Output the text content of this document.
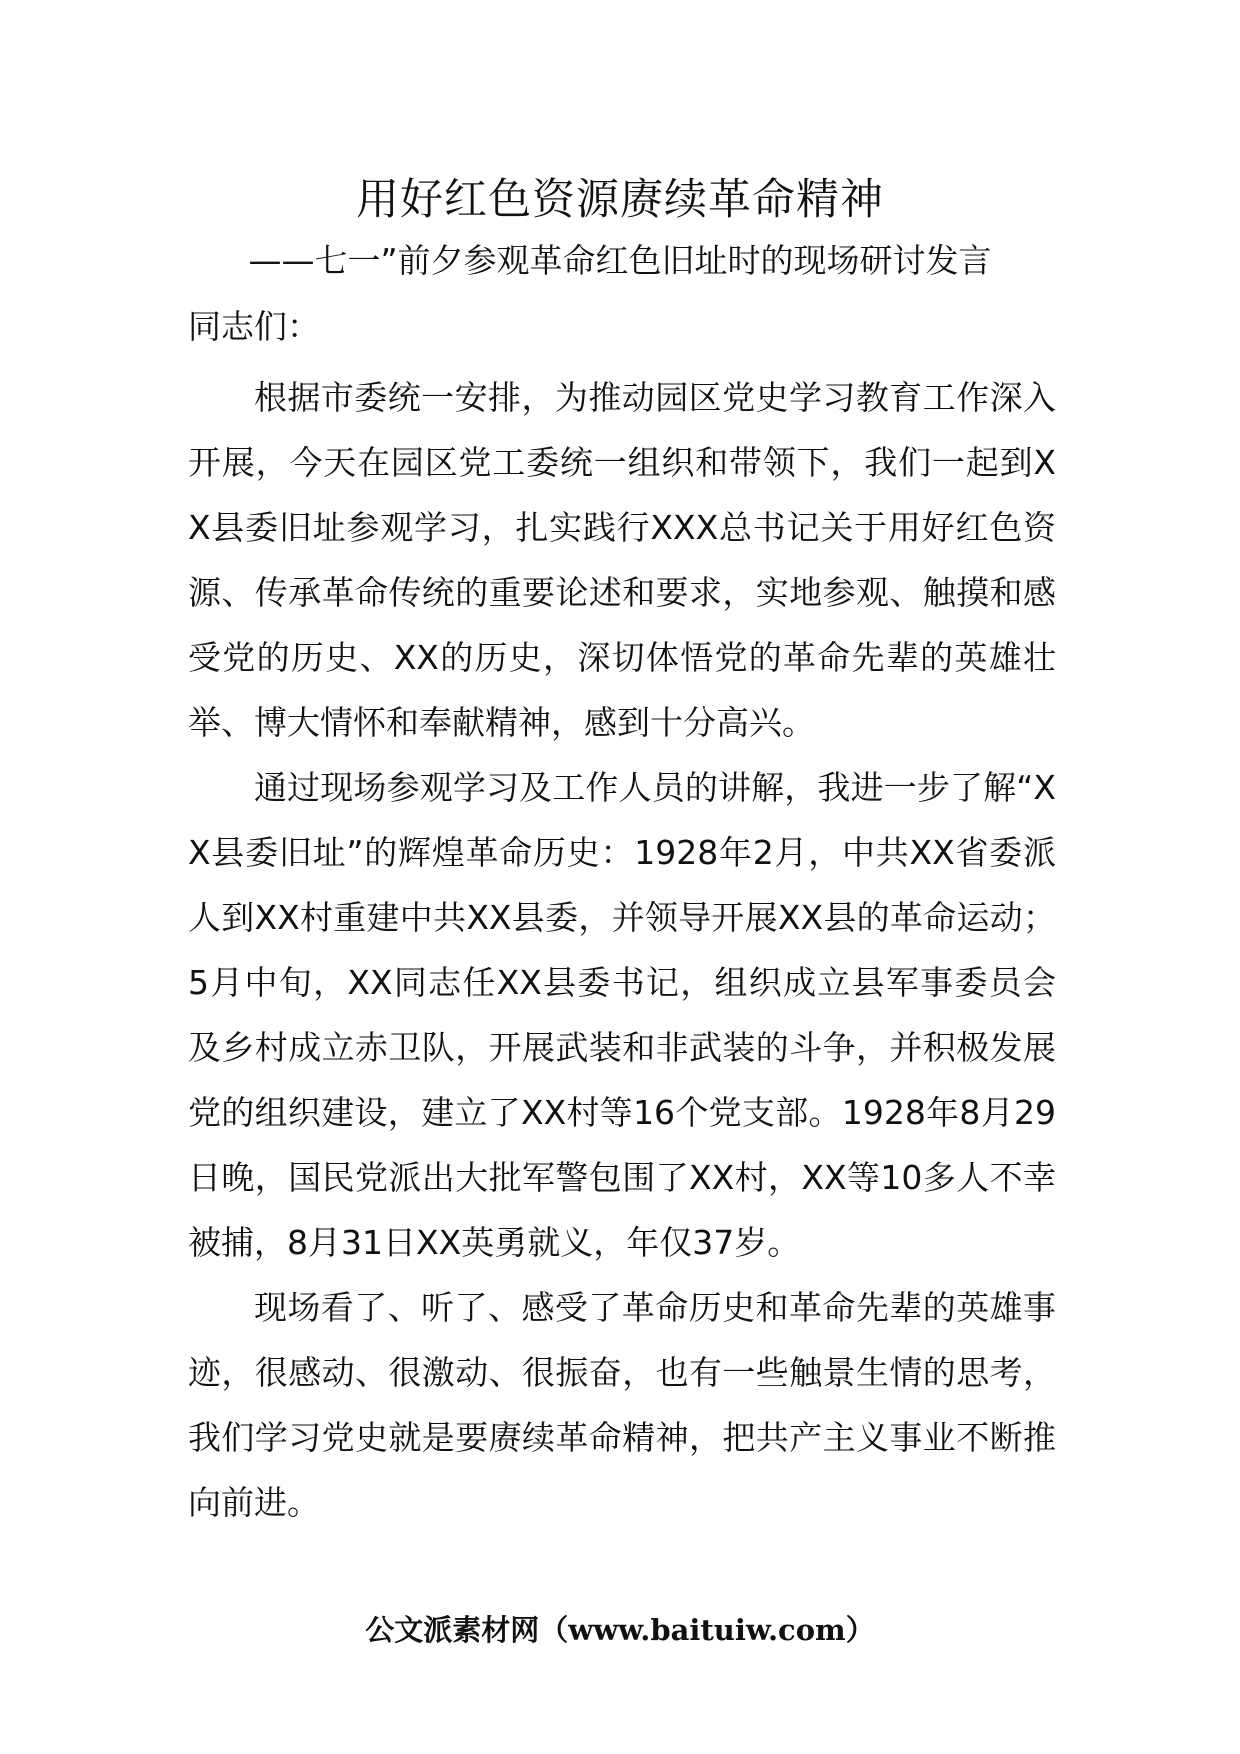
用好红色资源赓续革命精神

——七一”前夕参观革命红色旧址时的现场研讨发言

同志们：

根据市委统一安排，为推动园区党史学习教育工作深入开展，今天在园区党工委统一组织和带领下，我们一起到XX县委旧址参观学习，扎实践行XXX总书记关于用好红色资源、传承革命传统的重要论述和要求，实地参观、触摸和感受党的历史、XX的历史，深切体悟党的革命先辈的英雄壮举、博大情怀和奉献精神，感到十分高兴。

通过现场参观学习及工作人员的讲解，我进一步了解“XX县委旧址”的辉煌革命历史：1928年2月，中共XX省委派人到XX村重建中共XX县委，并领导开展XX县的革命运动；5月中旬，XX同志任XX县委书记，组织成立县军事委员会及乡村成立赤卫队，开展武装和非武装的斗争，并积极发展党的组织建设，建立了XX村等16个党支部。1928年8月29日晚，国民党派出大批军警包围了XX村，XX等10多人不幸被捕，8月31日XX英勇就义，年仅37岁。

现场看了、听了、感受了革命历史和革命先辈的英雄事迹，很感动、很激动、很振奋，也有一些触景生情的思考，我们学习党史就是要赓续革命精神，把共产主义事业不断推向前进。

公文派素材网（www.baituiw.com）
